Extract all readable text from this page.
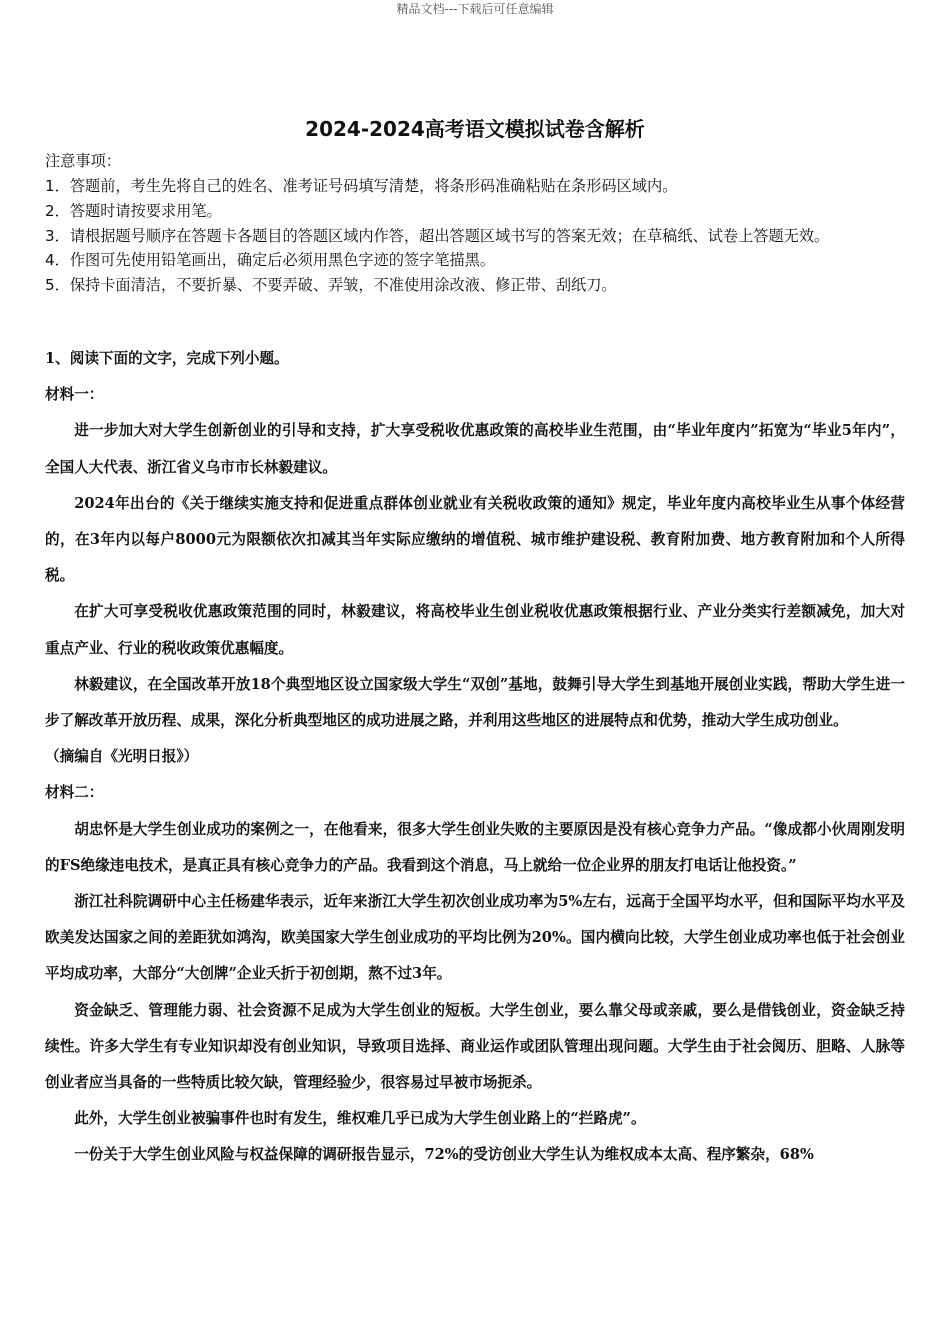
精品文档---下载后可任意编辑
2024-2024高考语文模拟试卷含解析
注意事项：
1．答题前，考生先将自己的姓名、准考证号码填写清楚，将条形码准确粘贴在条形码区域内。
2．答题时请按要求用笔。
3．请根据题号顺序在答题卡各题目的答题区域内作答，超出答题区域书写的答案无效；在草稿纸、试卷上答题无效。
4．作图可先使用铅笔画出，确定后必须用黑色字迹的签字笔描黑。
5．保持卡面清洁，不要折暴、不要弄破、弄皱，不准使用涂改液、修正带、刮纸刀。

1、阅读下面的文字，完成下列小题。

材料一：

进一步加大对大学生创新创业的引导和支持，扩大享受税收优惠政策的高校毕业生范围，由“毕业年度内”拓宽为“毕业5年内”，全国人大代表、浙江省义乌市市长林毅建议。

2024年出台的《关于继续实施支持和促进重点群体创业就业有关税收政策的通知》规定，毕业年度内高校毕业生从事个体经营的，在3年内以每户8000元为限额依次扣减其当年实际应缴纳的增值税、城市维护建设税、教育附加费、地方教育附加和个人所得税。

在扩大可享受税收优惠政策范围的同时，林毅建议，将高校毕业生创业税收优惠政策根据行业、产业分类实行差额减免，加大对重点产业、行业的税收政策优惠幅度。

林毅建议，在全国改革开放18个典型地区设立国家级大学生“双创”基地，鼓舞引导大学生到基地开展创业实践，帮助大学生进一步了解改革开放历程、成果，深化分析典型地区的成功进展之路，并利用这些地区的进展特点和优势，推动大学生成功创业。

（摘编自《光明日报》）

材料二：

胡忠怀是大学生创业成功的案例之一，在他看来，很多大学生创业失败的主要原因是没有核心竞争力产品。“像成都小伙周刚发明的FS绝缘违电技术，是真正具有核心竞争力的产品。我看到这个消息，马上就给一位企业界的朋友打电话让他投资。”

浙江社科院调研中心主任杨建华表示，近年来浙江大学生初次创业成功率为5%左右，远高于全国平均水平，但和国际平均水平及欧美发达国家之间的差距犹如鸿沟，欧美国家大学生创业成功的平均比例为20%。国内横向比较，大学生创业成功率也低于社会创业平均成功率，大部分“大创牌”企业夭折于初创期，熬不过3年。

资金缺乏、管理能力弱、社会资源不足成为大学生创业的短板。大学生创业，要么靠父母或亲戚，要么是借钱创业，资金缺乏持续性。许多大学生有专业知识却没有创业知识，导致项目选择、商业运作或团队管理出现问题。大学生由于社会阅历、胆略、人脉等创业者应当具备的一些特质比较欠缺，管理经验少，很容易过早被市场扼杀。

此外，大学生创业被骗事件也时有发生，维权难几乎已成为大学生创业路上的“拦路虎”。

一份关于大学生创业风险与权益保障的调研报告显示，72%的受访创业大学生认为维权成本太高、程序繁杂，68%
